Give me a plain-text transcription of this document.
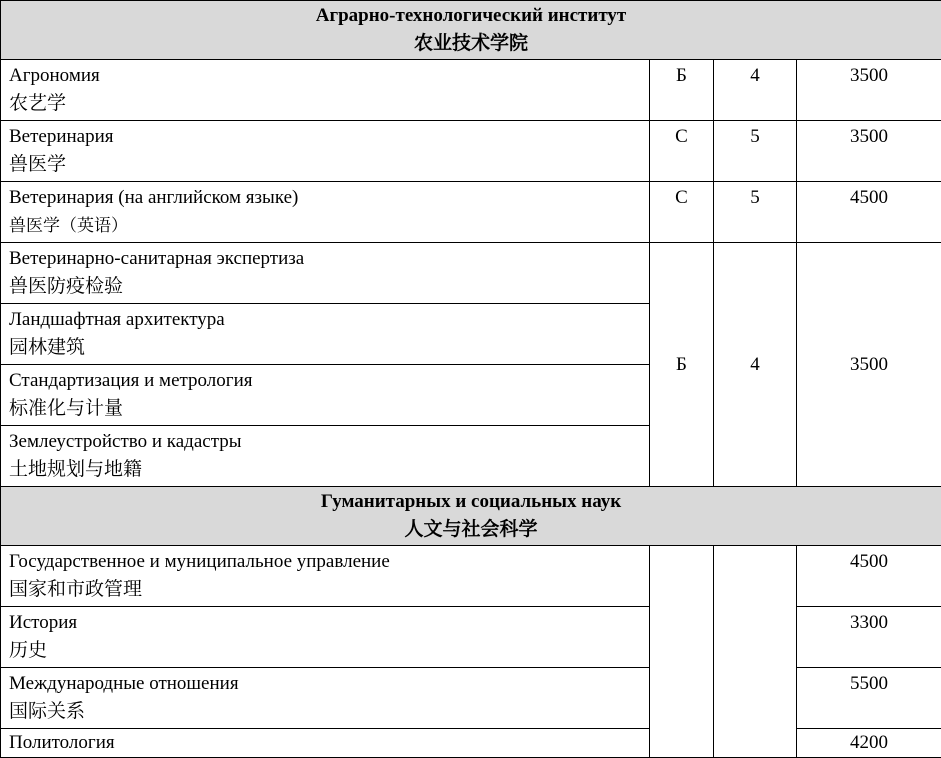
Аграрно-технологический институт
农业技术学院			

Агрономия
农艺学	Б	4	3500

Ветеринария
兽医学	С	5	3500

Ветеринария (на английском языке)
兽医学（英语）	С	5	4500

Ветеринарно-санитарная экспертиза
兽医防疫检验	Б	4	3500

Ландшафтная архитектура
园林建筑			

Стандартизация и метрология
标准化与计量			

Землеустройство и кадастры
土地规划与地籍			

Гуманитарных и социальных наук
人文与社会科学			

Государственное и муниципальное управление
国家和市政管理			4500

История
历史			3300

Международные отношения
国际关系			5500

Политология			4200
